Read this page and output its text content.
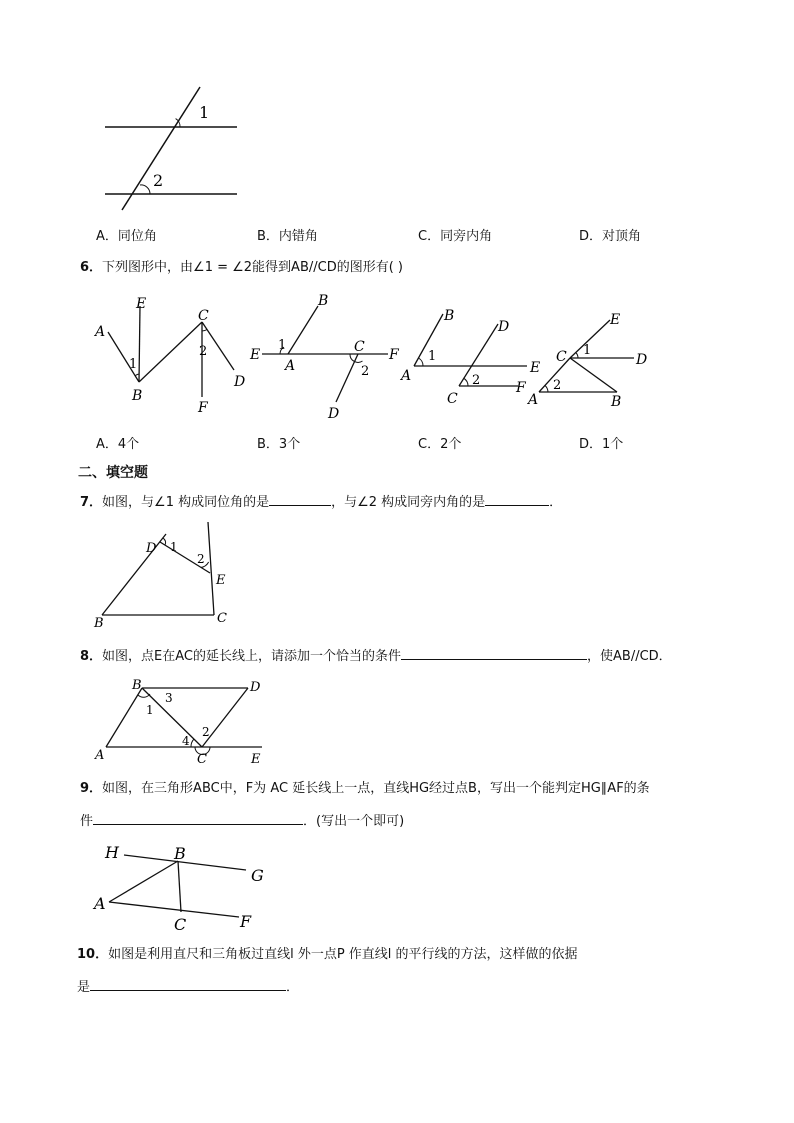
1
2
A．同位角	B．内错角	C．同旁内角	D．对顶角
6．下列图形中，由∠1 = ∠2能得到AB//CD的图形有( )
A
E
C
1
2
B
D
F
B
E
1
A
C F
2
D
B
D
1
A	E
2	F
C
E
C 1
D
2
A	B
A．4个	B．3个	C．2个	D．1个
二、填空题
7．如图，与∠1 构成同位角的是	，与∠2 构成同旁内角的是	．
D 1
2
E
B	C
8．如图，点E在AC的延长线上，请添加一个恰当的条件	，使AB//CD．
B
3
D
1
2
4
A	C	E
9．如图，在三角形ABC中，F为 AC 延长线上一点，直线HG经过点B，写出一个能判定HG∥AF的条
件	．(写出一个即可)
H	B
G
A
C	F
10．如图是利用直尺和三角板过直线l 外一点P 作直线l 的平行线的方法，这样做的依据
是	．
